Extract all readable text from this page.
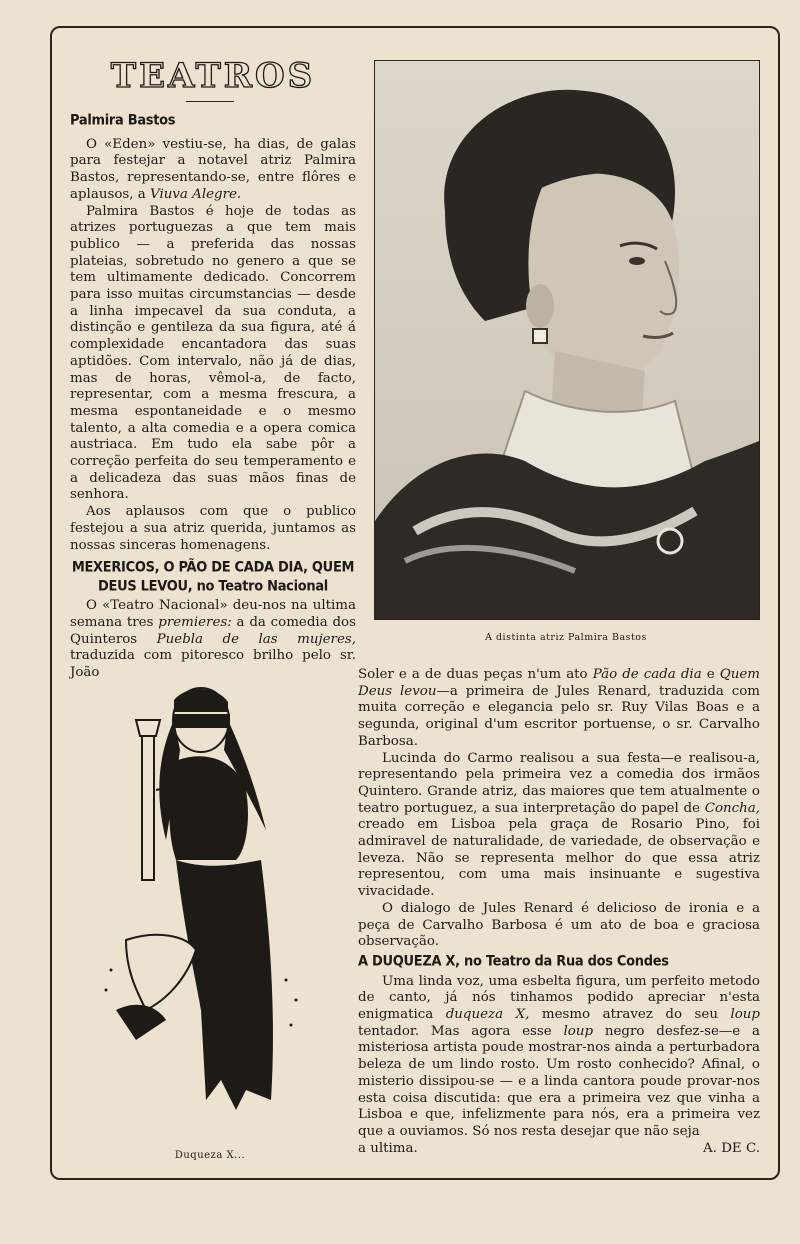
TEATROS
Palmira Bastos

O «Eden» vestiu-se, ha dias, de galas para festejar a notavel atriz Palmira Bastos, representando-se, entre flôres e aplausos, a Viuva Alegre.

Palmira Bastos é hoje de todas as atrizes portuguezas a que tem mais publico — a preferida das nossas plateias, sobretudo no genero a que se tem ultimamente dedicado. Concorrem para isso muitas circumstancias — desde a linha impecavel da sua conduta, a distinção e gentileza da sua figura, até á complexidade encantadora das suas aptidões. Com intervalo, não já de dias, mas de horas, vêmol-a, de facto, representar, com a mesma frescura, a mesma espontaneidade e o mesmo talento, a alta comedia e a opera comica austriaca. Em tudo ela sabe pôr a correção perfeita do seu temperamento e a delicadeza das suas mãos finas de senhora.

Aos aplausos com que o publico festejou a sua atriz querida, juntamos as nossas sinceras homenagens.

MEXERICOS, O PÃO DE CADA DIA, QUEM DEUS LEVOU, no Teatro Nacional

O «Teatro Nacional» deu-nos na ultima semana tres premieres: a da comedia dos Quinteros Puebla de las mujeres, traduzida com pitoresco brilho pelo sr. João

A distinta atriz Palmira Bastos
Duqueza X...

Soler e a de duas peças n'um ato Pão de cada dia e Quem Deus levou—a primeira de Jules Renard, traduzida com muita correção e elegancia pelo sr. Ruy Vilas Boas e a segunda, original d'um escritor portuense, o sr. Carvalho Barbosa.

Lucinda do Carmo realisou a sua festa—e realisou-a, representando pela primeira vez a comedia dos irmãos Quintero. Grande atriz, das maiores que tem atualmente o teatro portuguez, a sua interpretação do papel de Concha, creado em Lisboa pela graça de Rosario Pino, foi admiravel de naturalidade, de variedade, de observação e leveza. Não se representa melhor do que essa atriz representou, com uma mais insinuante e sugestiva vivacidade.

O dialogo de Jules Renard é delicioso de ironia e a peça de Carvalho Barbosa é um ato de boa e graciosa observação.

A DUQUEZA X, no Teatro da Rua dos Condes

Uma linda voz, uma esbelta figura, um perfeito metodo de canto, já nós tinhamos podido apreciar n'esta enigmatica duqueza X, mesmo atravez do seu loup tentador. Mas agora esse loup negro desfez-se—e a misteriosa artista poude mostrar-nos ainda a perturbadora beleza de um lindo rosto. Um rosto conhecido? Afinal, o misterio dissipou-se — e a linda cantora poude provar-nos esta coisa discutida: que era a primeira vez que vinha a Lisboa e que, infelizmente para nós, era a primeira vez que a ouviamos. Só nos resta desejar que não seja

a ultima.	A. DE C.
